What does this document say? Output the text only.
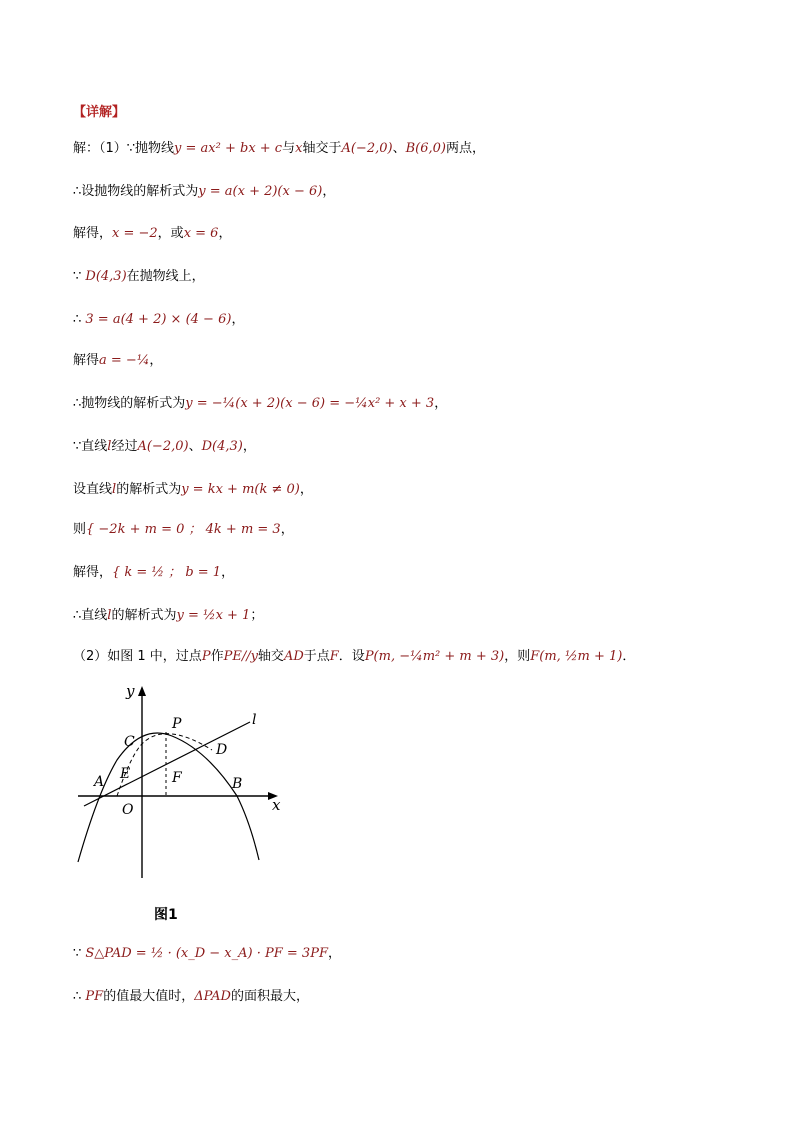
【详解】
解：（1）∵抛物线y = ax² + bx + c与x轴交于A(−2,0)、B(6,0)两点，
∴设抛物线的解析式为y = a(x + 2)(x − 6)，
解得，x = −2，或x = 6，
∵ D(4,3)在抛物线上，
∴ 3 = a(4 + 2) × (4 − 6)，
解得a = −¼，
∴抛物线的解析式为y = −¼(x + 2)(x − 6) = −¼x² + x + 3，
∵直线l经过A(−2,0)、D(4,3)，
设直线l的解析式为y = kx + m(k ≠ 0)，
则{ −2k + m = 0 ； 4k + m = 3，
解得，{ k = ½ ； b = 1，
∴直线l的解析式为y = ½x + 1；
（2）如图 1 中，过点P作PE//y轴交AD于点F．设P(m, −¼m² + m + 3)，则F(m, ½m + 1)．
y
x
O
A	B
C	D
E	F
P	l
图1
∵ S△PAD = ½ · (x_D − x_A) · PF = 3PF，
∴ PF的值最大值时，ΔPAD的面积最大，
